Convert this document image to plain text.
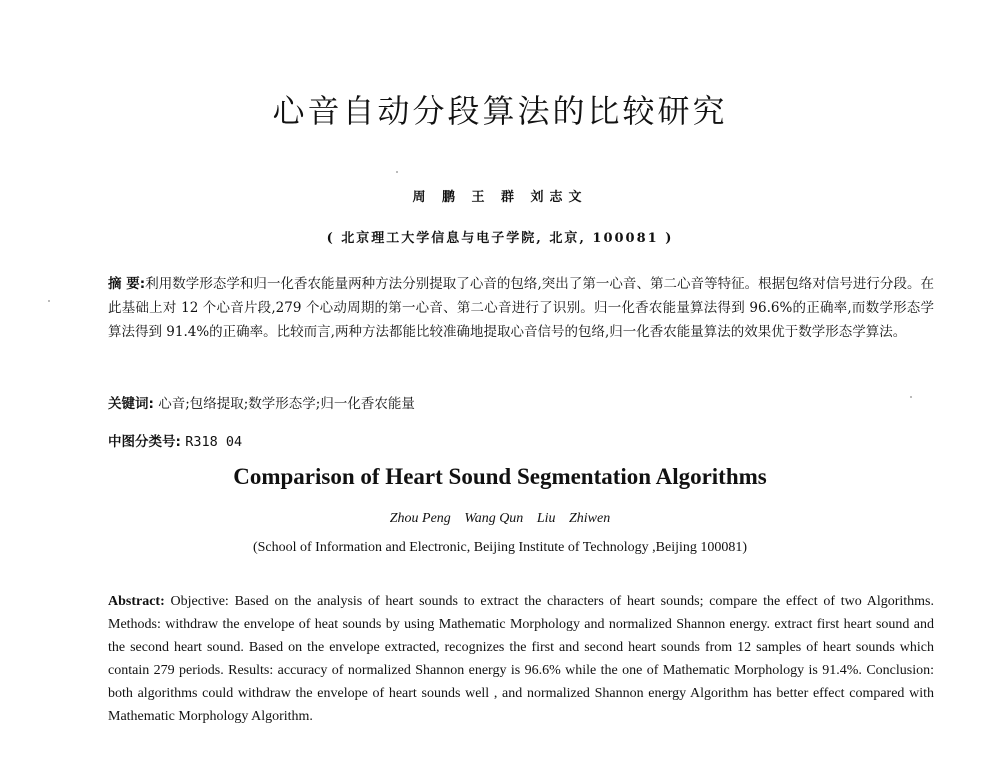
心音自动分段算法的比较研究
周 鹏 王 群 刘志文
( 北京理工大学信息与电子学院, 北京, 100081 )
摘 要:利用数学形态学和归一化香农能量两种方法分别提取了心音的包络,突出了第一心音、第二心音等特征。根据包络对信号进行分段。在此基础上对 12 个心音片段,279 个心动周期的第一心音、第二心音进行了识别。归一化香农能量算法得到 96.6%的正确率,而数学形态学算法得到 91.4%的正确率。比较而言,两种方法都能比较准确地提取心音信号的包络,归一化香农能量算法的效果优于数学形态学算法。
关键词: 心音;包络提取;数学形态学;归一化香农能量
中图分类号: R318 04
Comparison of Heart Sound Segmentation Algorithms
Zhou Peng Wang Qun Liu Zhiwen
(School of Information and Electronic, Beijing Institute of Technology ,Beijing 100081)
Abstract: Objective: Based on the analysis of heart sounds to extract the characters of heart sounds; compare the effect of two Algorithms. Methods: withdraw the envelope of heat sounds by using Mathematic Morphology and normalized Shannon energy. extract first heart sound and the second heart sound. Based on the envelope extracted, recognizes the first and second heart sounds from 12 samples of heart sounds which contain 279 periods. Results: accuracy of normalized Shannon energy is 96.6% while the one of Mathematic Morphology is 91.4%. Conclusion: both algorithms could withdraw the envelope of heart sounds well , and normalized Shannon energy Algorithm has better effect compared with Mathematic Morphology Algorithm.
